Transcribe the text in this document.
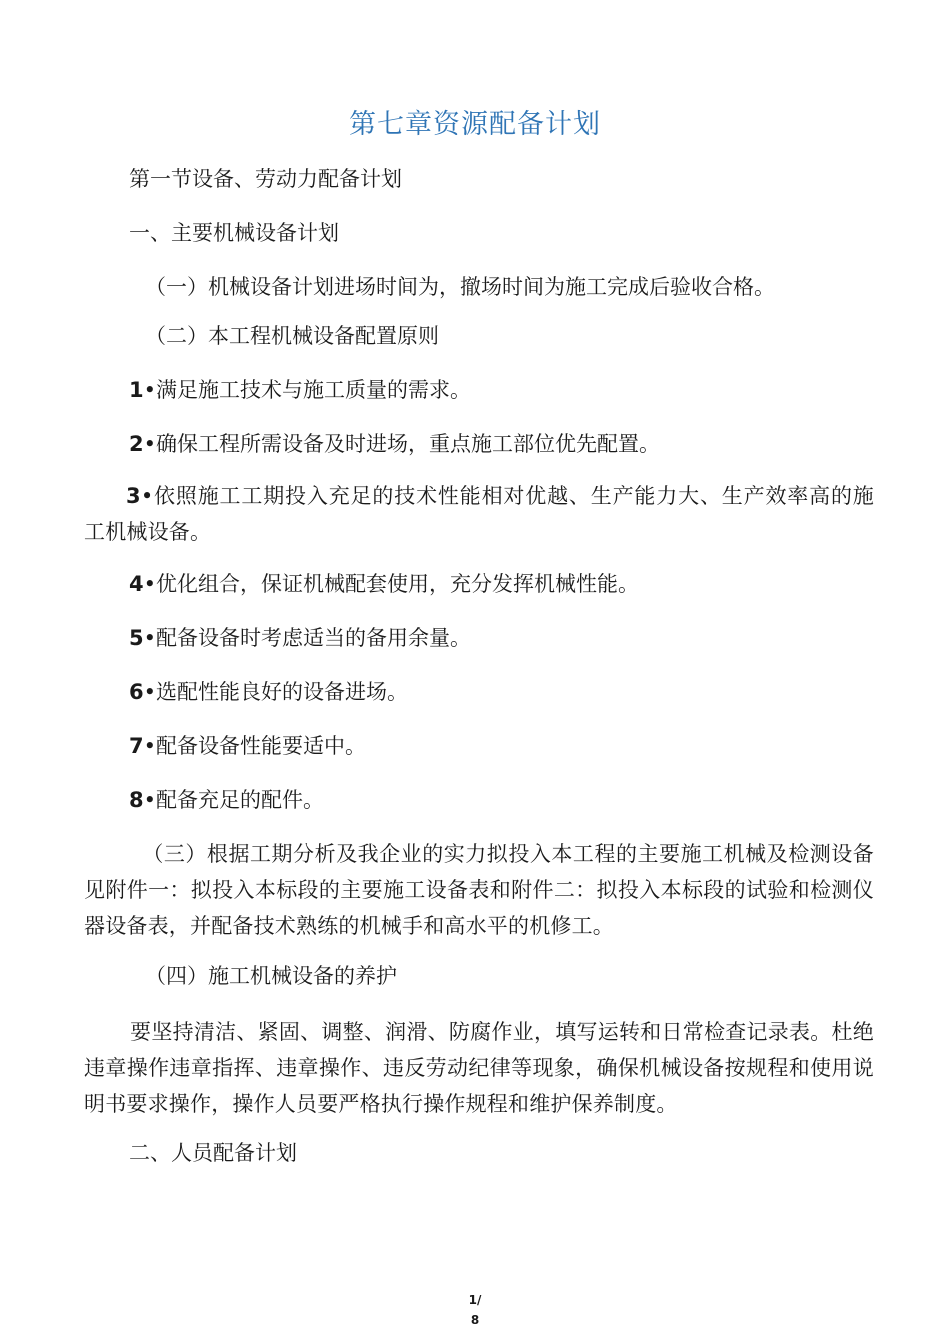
第七章资源配备计划
第一节设备、劳动力配备计划
一、主要机械设备计划
（一）机械设备计划进场时间为，撤场时间为施工完成后验收合格。
（二）本工程机械设备配置原则
1•满足施工技术与施工质量的需求。
2•确保工程所需设备及时进场，重点施工部位优先配置。
3•依照施工工期投入充足的技术性能相对优越、生产能力大、生产效率高的施工机械设备。
4•优化组合，保证机械配套使用，充分发挥机械性能。
5•配备设备时考虑适当的备用余量。
6•选配性能良好的设备进场。
7•配备设备性能要适中。
8•配备充足的配件。
（三）根据工期分析及我企业的实力拟投入本工程的主要施工机械及检测设备见附件一：拟投入本标段的主要施工设备表和附件二：拟投入本标段的试验和检测仪器设备表，并配备技术熟练的机械手和高水平的机修工。
（四）施工机械设备的养护
要坚持清洁、紧固、调整、润滑、防腐作业，填写运转和日常检查记录表。杜绝违章操作违章指挥、违章操作、违反劳动纪律等现象，确保机械设备按规程和使用说明书要求操作，操作人员要严格执行操作规程和维护保养制度。
二、人员配备计划
1/
8
